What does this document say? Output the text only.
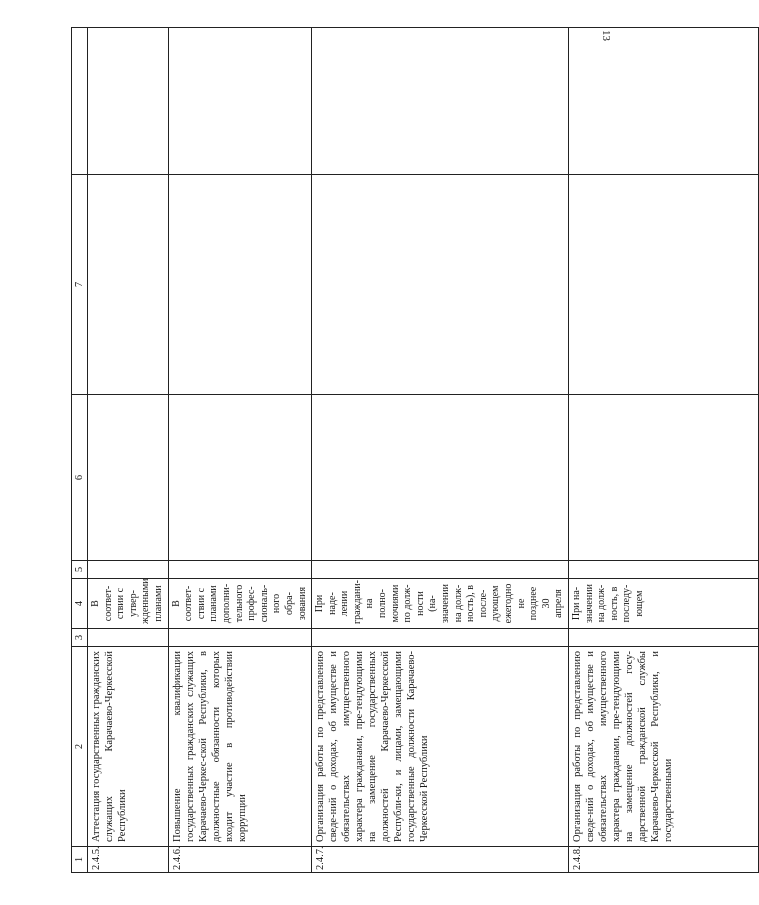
13
1	2	3	4	5	6	7	
2.4.5.	Аттестация государственных гражданских служащих Карачаево-Черкесской Республики		В соответ-ствии с утвер-жденными планами				
2.4.6.	Повышение квалификации государственных гражданских служащих Карачаево-Черкес-ской Республики, в должностные обязанности которых входит участие в противодействии коррупции		В соответ-ствии с планами дополни-тельного профес-сиональ-ного обра-зования				
2.4.7.	Организация работы по представлению сведе-ний о доходах, об имуществе и обязательствах имущественного характера гражданами, пре-тендующими на замещение государственных должностей Карачаево-Черкесской Республи-ки, и лицами, замещающими государственные должности Карачаево-Черкесской Республики		При наде-лении граждани-на полно-мочиями по долж-ности (на-значении на долж-ность), в после-дующем ежегодно не позднее 30 апреля				
2.4.8.	Организация работы по представлению сведе-ний о доходах, об имуществе и обязательствах имущественного характера гражданами, пре-тендующими на замещение должностей госу-дарственной гражданской службы Карачаево-Черкесской Республики, и государственными		При на-значении на долж-ность, в последу-ющем				
